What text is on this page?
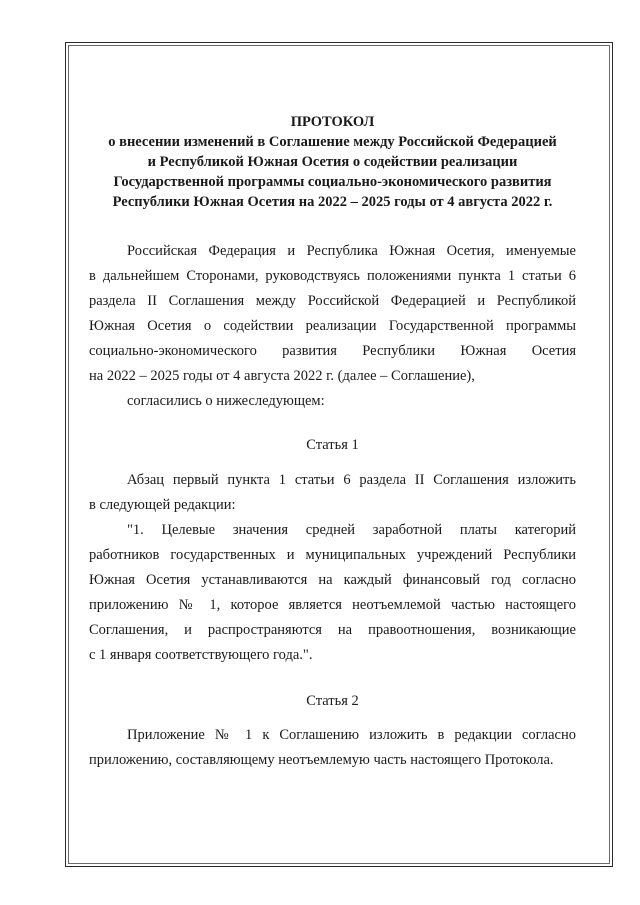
ПРОТОКОЛ
о внесении изменений в Соглашение между Российской Федерацией
и Республикой Южная Осетия о содействии реализации
Государственной программы социально-экономического развития
Республики Южная Осетия на 2022 – 2025 годы от 4 августа 2022 г.
Российская Федерация и Республика Южная Осетия, именуемые
в дальнейшем Сторонами, руководствуясь положениями пункта 1 статьи 6
раздела II Соглашения между Российской Федерацией и Республикой
Южная Осетия о содействии реализации Государственной программы
социально-экономического развития Республики Южная Осетия
на 2022 – 2025 годы от 4 августа 2022 г. (далее – Соглашение),
согласились о нижеследующем:
Статья 1
Абзац первый пункта 1 статьи 6 раздела II Соглашения изложить
в следующей редакции:
"1. Целевые значения средней заработной платы категорий
работников государственных и муниципальных учреждений Республики
Южная Осетия устанавливаются на каждый финансовый год согласно
приложению № 1, которое является неотъемлемой частью настоящего
Соглашения, и распространяются на правоотношения, возникающие
с 1 января соответствующего года.".
Статья 2
Приложение № 1 к Соглашению изложить в редакции согласно
приложению, составляющему неотъемлемую часть настоящего Протокола.
